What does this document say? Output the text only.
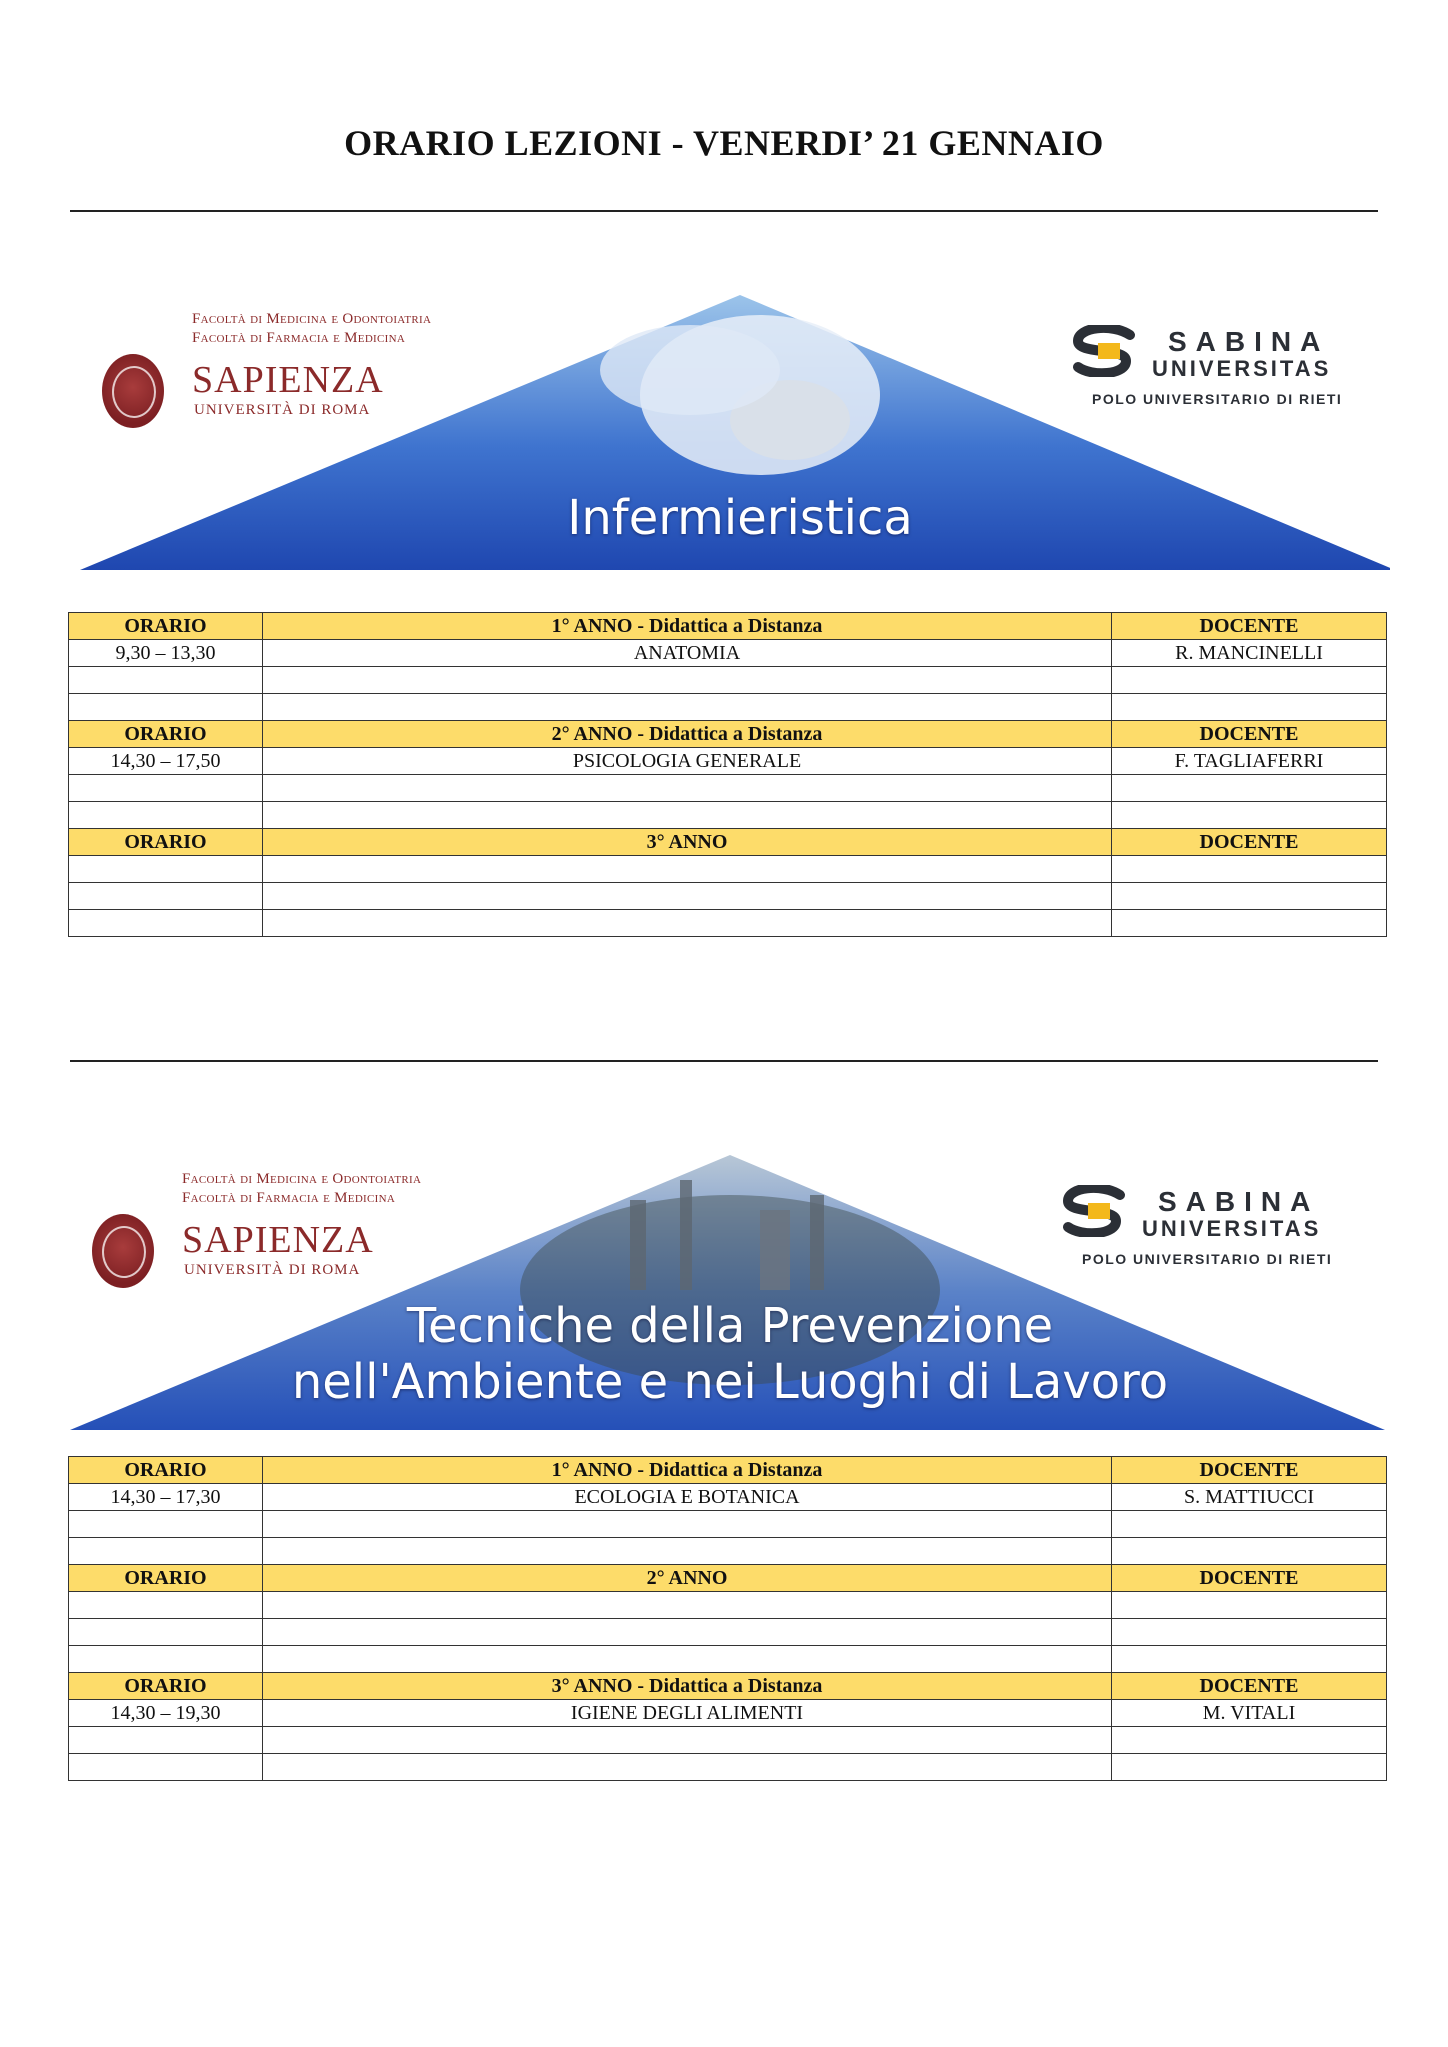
ORARIO LEZIONI - VENERDI’ 21 GENNAIO
Facoltà di Medicina e Odontoiatria
Facoltà di Farmacia e Medicina
SAPIENZA
UNIVERSITÀ DI ROMA
SABINA
UNIVERSITAS
POLO UNIVERSITARIO DI RIETI
Infermieristica
ORARIO	1° ANNO - Didattica a Distanza	DOCENTE
9,30 – 13,30	ANATOMIA	R. MANCINELLI

ORARIO	2° ANNO - Didattica a Distanza	DOCENTE
14,30 – 17,50	PSICOLOGIA GENERALE	F. TAGLIAFERRI

ORARIO	3° ANNO	DOCENTE

Facoltà di Medicina e Odontoiatria
Facoltà di Farmacia e Medicina
SAPIENZA
UNIVERSITÀ DI ROMA
SABINA
UNIVERSITAS
POLO UNIVERSITARIO DI RIETI
Tecniche della Prevenzione
nell'Ambiente e nei Luoghi di Lavoro
ORARIO	1° ANNO - Didattica a Distanza	DOCENTE
14,30 – 17,30	ECOLOGIA E BOTANICA	S. MATTIUCCI

ORARIO	2° ANNO	DOCENTE

ORARIO	3° ANNO - Didattica a Distanza	DOCENTE
14,30 – 19,30	IGIENE DEGLI ALIMENTI	M. VITALI
